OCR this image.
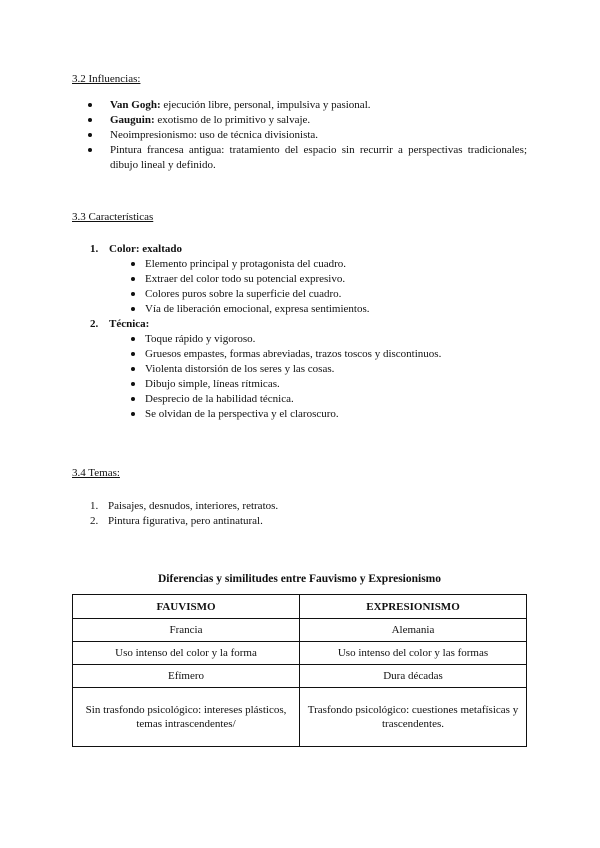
3.2 Influencias:
Van Gogh: ejecución libre, personal, impulsiva y pasional.
Gauguin: exotismo de lo primitivo y salvaje.
Neoimpresionismo: uso de técnica divisionista.
Pintura francesa antigua: tratamiento del espacio sin recurrir a perspectivas tradicionales; dibujo lineal y definido.
3.3 Características
1. Color: exaltado
Elemento principal y protagonista del cuadro.
Extraer del color todo su potencial expresivo.
Colores puros sobre la superficie del cuadro.
Vía de liberación emocional, expresa sentimientos.
2. Técnica:
Toque rápido y vigoroso.
Gruesos empastes, formas abreviadas, trazos toscos y discontinuos.
Violenta distorsión de los seres y las cosas.
Dibujo simple, líneas rítmicas.
Desprecio de la habilidad técnica.
Se olvidan de la perspectiva y el claroscuro.
3.4 Temas:
1. Paisajes, desnudos, interiores, retratos.
2. Pintura figurativa, pero antinatural.
Diferencias y similitudes entre Fauvismo y Expresionismo
FAUVISMO	EXPRESIONISMO
Francia	Alemania
Uso intenso del color y la forma	Uso intenso del color y las formas
Efímero	Dura décadas
Sin trasfondo psicológico: intereses plásticos, temas intrascendentes/	Trasfondo psicológico: cuestiones metafísicas y trascendentes.
